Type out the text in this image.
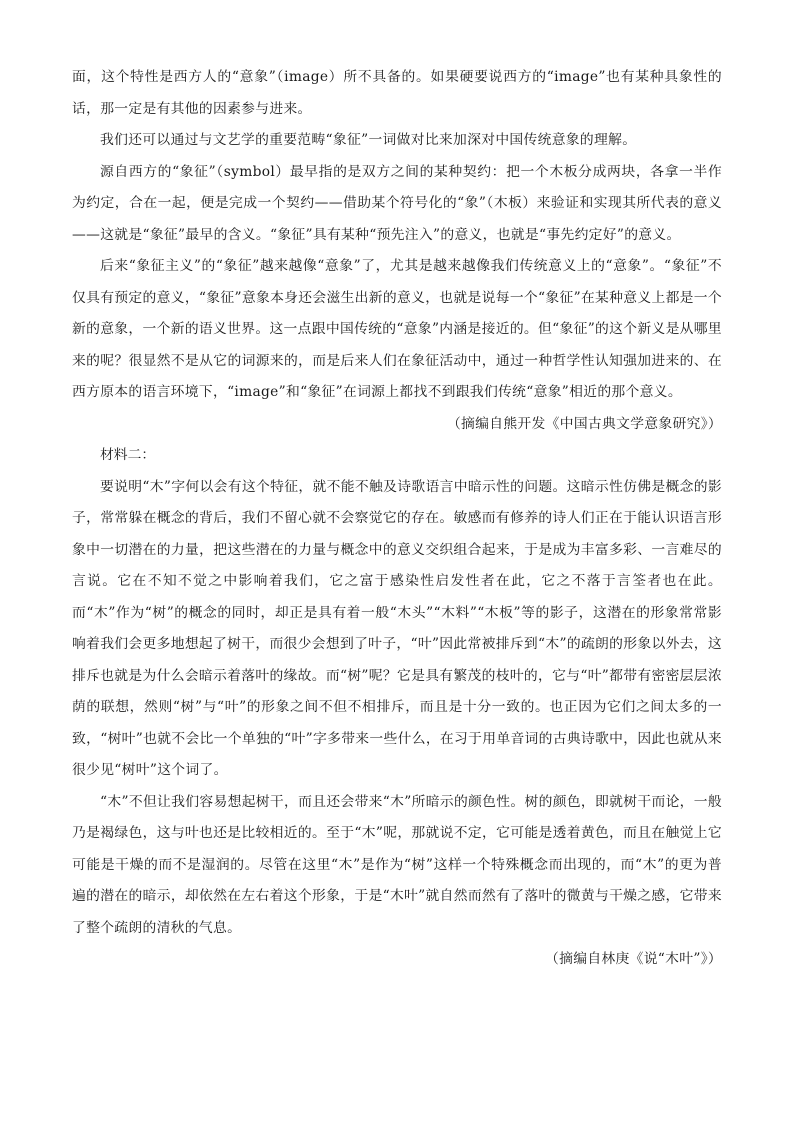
面，这个特性是西方人的“意象”（image）所不具备的。如果硬要说西方的“image”也有某种具象性的话，那一定是有其他的因素参与进来。

我们还可以通过与文艺学的重要范畴“象征”一词做对比来加深对中国传统意象的理解。

源自西方的“象征”（symbol）最早指的是双方之间的某种契约：把一个木板分成两块，各拿一半作为约定，合在一起，便是完成一个契约——借助某个符号化的“象”（木板）来验证和实现其所代表的意义——这就是“象征”最早的含义。“象征”具有某种“预先注入”的意义，也就是“事先约定好”的意义。

后来“象征主义”的“象征”越来越像“意象”了，尤其是越来越像我们传统意义上的“意象”。“象征”不仅具有预定的意义，“象征”意象本身还会滋生出新的意义，也就是说每一个“象征”在某种意义上都是一个新的意象，一个新的语义世界。这一点跟中国传统的“意象”内涵是接近的。但“象征”的这个新义是从哪里来的呢？很显然不是从它的词源来的，而是后来人们在象征活动中，通过一种哲学性认知强加进来的、在西方原本的语言环境下，“image”和“象征”在词源上都找不到跟我们传统“意象”相近的那个意义。

（摘编自熊开发《中国古典文学意象研究》）

材料二：

要说明“木”字何以会有这个特征，就不能不触及诗歌语言中暗示性的问题。这暗示性仿佛是概念的影子，常常躲在概念的背后，我们不留心就不会察觉它的存在。敏感而有修养的诗人们正在于能认识语言形象中一切潜在的力量，把这些潜在的力量与概念中的意义交织组合起来，于是成为丰富多彩、一言难尽的言说。它在不知不觉之中影响着我们，它之富于感染性启发性者在此，它之不落于言筌者也在此。而“木”作为“树”的概念的同时，却正是具有着一般“木头”“木料”“木板”等的影子，这潜在的形象常常影响着我们会更多地想起了树干，而很少会想到了叶子，“叶”因此常被排斥到“木”的疏朗的形象以外去，这排斥也就是为什么会暗示着落叶的缘故。而“树”呢？它是具有繁茂的枝叶的，它与“叶”都带有密密层层浓荫的联想，然则“树”与“叶”的形象之间不但不相排斥，而且是十分一致的。也正因为它们之间太多的一致，“树叶”也就不会比一个单独的“叶”字多带来一些什么，在习于用单音词的古典诗歌中，因此也就从来很少见“树叶”这个词了。

“木”不但让我们容易想起树干，而且还会带来“木”所暗示的颜色性。树的颜色，即就树干而论，一般乃是褐绿色，这与叶也还是比较相近的。至于“木”呢，那就说不定，它可能是透着黄色，而且在触觉上它可能是干燥的而不是湿润的。尽管在这里“木”是作为“树”这样一个特殊概念而出现的，而“木”的更为普遍的潜在的暗示，却依然在左右着这个形象，于是“木叶”就自然而然有了落叶的微黄与干燥之感，它带来了整个疏朗的清秋的气息。

（摘编自林庚《说“木叶”》）
